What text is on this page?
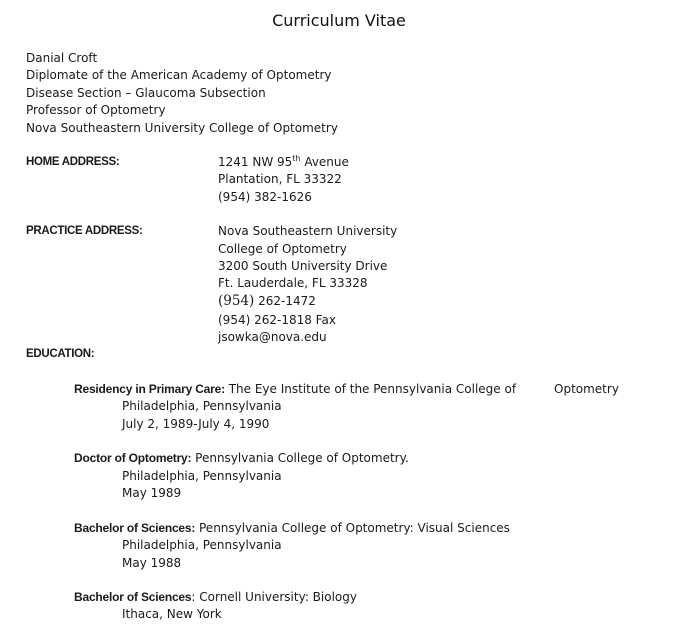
Curriculum Vitae
Danial Croft
Diplomate of the American Academy of Optometry
Disease Section – Glaucoma Subsection
Professor of Optometry
Nova Southeastern University College of Optometry
HOME ADDRESS:	1241 NW 95th Avenue
Plantation, FL 33322
(954) 382-1626
PRACTICE ADDRESS:	Nova Southeastern University
College of Optometry
3200 South University Drive
Ft. Lauderdale, FL 33328
(954) 262-1472
(954) 262-1818 Fax
jsowka@nova.edu
EDUCATION:
Residency in Primary Care: The Eye Institute of the Pennsylvania College of	Optometry
Philadelphia, Pennsylvania
July 2, 1989-July 4, 1990
Doctor of Optometry: Pennsylvania College of Optometry.
Philadelphia, Pennsylvania
May 1989
Bachelor of Sciences: Pennsylvania College of Optometry: Visual Sciences
Philadelphia, Pennsylvania
May 1988
Bachelor of Sciences: Cornell University: Biology
Ithaca, New York
